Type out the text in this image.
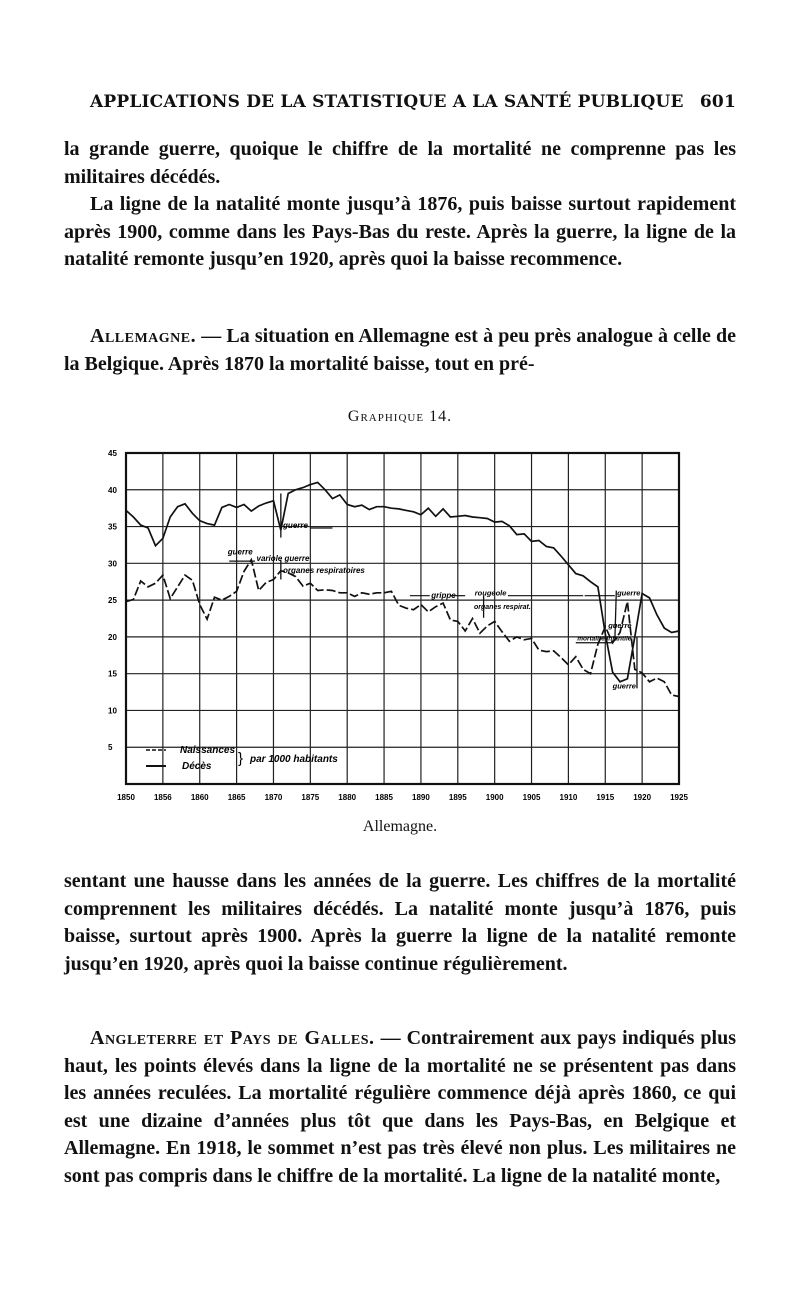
APPLICATIONS DE LA STATISTIQUE A LA SANTÉ PUBLIQUE 601

la grande guerre, quoique le chiffre de la mortalité ne comprenne pas les militaires décédés.

La ligne de la natalité monte jusqu’à 1876, puis baisse surtout rapidement après 1900, comme dans les Pays-Bas du reste. Après la guerre, la ligne de la natalité remonte jusqu’en 1920, après quoi la baisse recommence.

Allemagne. — La situation en Allemagne est à peu près analogue à celle de la Belgique. Après 1870 la mortalité baisse, tout en pré-

Graphique 14.
5
10
15
20
25
30
35
40
45
1850 1856 1860 1865 1870 1875 1880 1885 1890 1895 1900 1905 1910 1915 1920 1925
guerre
guerre
variole guerre
organes respiratoires
grippe	rougeole
organes respirat.
guerre
guerre
mortalité infantile
guerre
Naissances
Décès } par 1000 habitants
Allemagne.

sentant une hausse dans les années de la guerre. Les chiffres de la mortalité comprennent les militaires décédés. La natalité monte jusqu’à 1876, puis baisse, surtout après 1900. Après la guerre la ligne de la natalité remonte jusqu’en 1920, après quoi la baisse continue régulièrement.

Angleterre et Pays de Galles. — Contrairement aux pays indiqués plus haut, les points élevés dans la ligne de la mortalité ne se présentent pas dans les années reculées. La mortalité régulière commence déjà après 1860, ce qui est une dizaine d’années plus tôt que dans les Pays-Bas, en Belgique et Allemagne. En 1918, le sommet n’est pas très élevé non plus. Les militaires ne sont pas compris dans le chiffre de la mortalité. La ligne de la natalité monte,
